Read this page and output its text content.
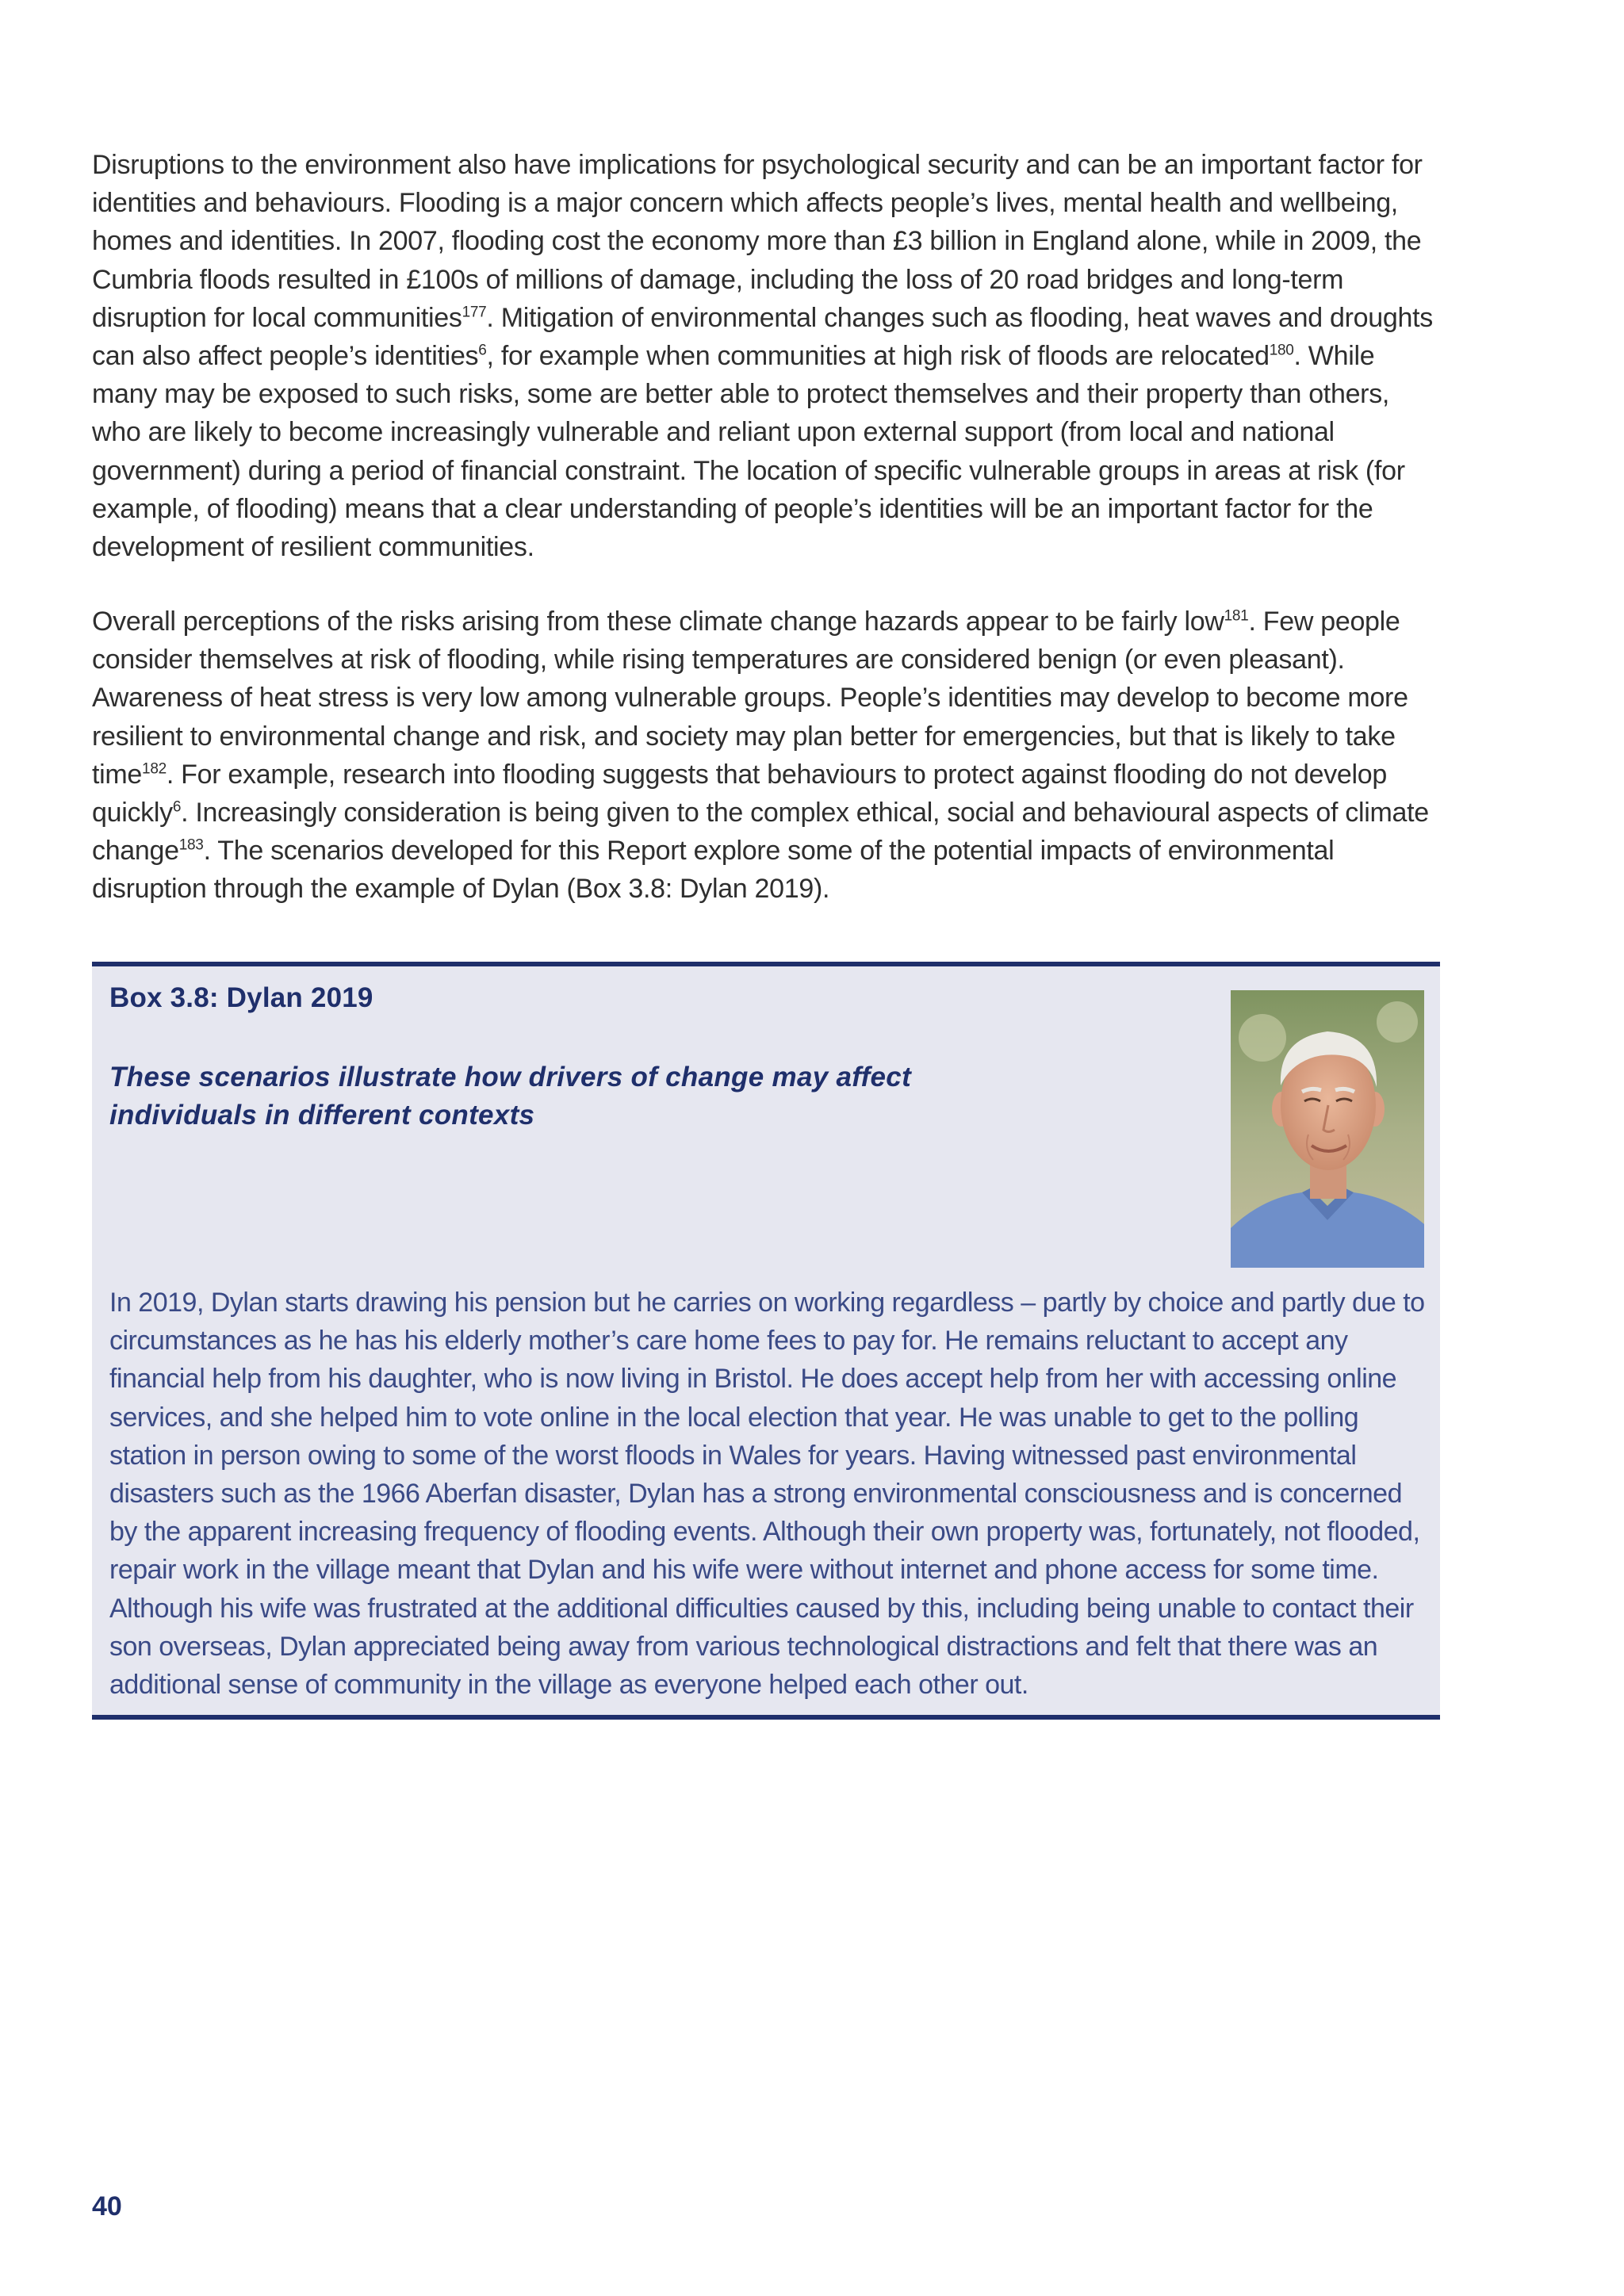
Disruptions to the environment also have implications for psychological security and can be an important factor for identities and behaviours. Flooding is a major concern which affects people’s lives, mental health and wellbeing, homes and identities. In 2007, flooding cost the economy more than £3 billion in England alone, while in 2009, the Cumbria floods resulted in £100s of millions of damage, including the loss of 20 road bridges and long-term disruption for local communities$^{177}$. Mitigation of environmental changes such as flooding, heat waves and droughts can also affect people’s identities$^6$, for example when communities at high risk of floods are relocated$^{180}$. While many may be exposed to such risks, some are better able to protect themselves and their property than others, who are likely to become increasingly vulnerable and reliant upon external support (from local and national government) during a period of financial constraint. The location of specific vulnerable groups in areas at risk (for example, of flooding) means that a clear understanding of people’s identities will be an important factor for the development of resilient communities.

Overall perceptions of the risks arising from these climate change hazards appear to be fairly low$^{181}$. Few people consider themselves at risk of flooding, while rising temperatures are considered benign (or even pleasant). Awareness of heat stress is very low among vulnerable groups. People’s identities may develop to become more resilient to environmental change and risk, and society may plan better for emergencies, but that is likely to take time$^{182}$. For example, research into flooding suggests that behaviours to protect against flooding do not develop quickly$^6$. Increasingly consideration is being given to the complex ethical, social and behavioural aspects of climate change$^{183}$. The scenarios developed for this Report explore some of the potential impacts of environmental disruption through the example of Dylan (Box 3.8: Dylan 2019).

Box 3.8: Dylan 2019
These scenarios illustrate how drivers of change may affect individuals in different contexts
In 2019, Dylan starts drawing his pension but he carries on working regardless – partly by choice and partly due to circumstances as he has his elderly mother’s care home fees to pay for. He remains reluctant to accept any financial help from his daughter, who is now living in Bristol. He does accept help from her with accessing online services, and she helped him to vote online in the local election that year. He was unable to get to the polling station in person owing to some of the worst floods in Wales for years. Having witnessed past environmental disasters such as the 1966 Aberfan disaster, Dylan has a strong environmental consciousness and is concerned by the apparent increasing frequency of flooding events. Although their own property was, fortunately, not flooded, repair work in the village meant that Dylan and his wife were without internet and phone access for some time. Although his wife was frustrated at the additional difficulties caused by this, including being unable to contact their son overseas, Dylan appreciated being away from various technological distractions and felt that there was an additional sense of community in the village as everyone helped each other out.
40
